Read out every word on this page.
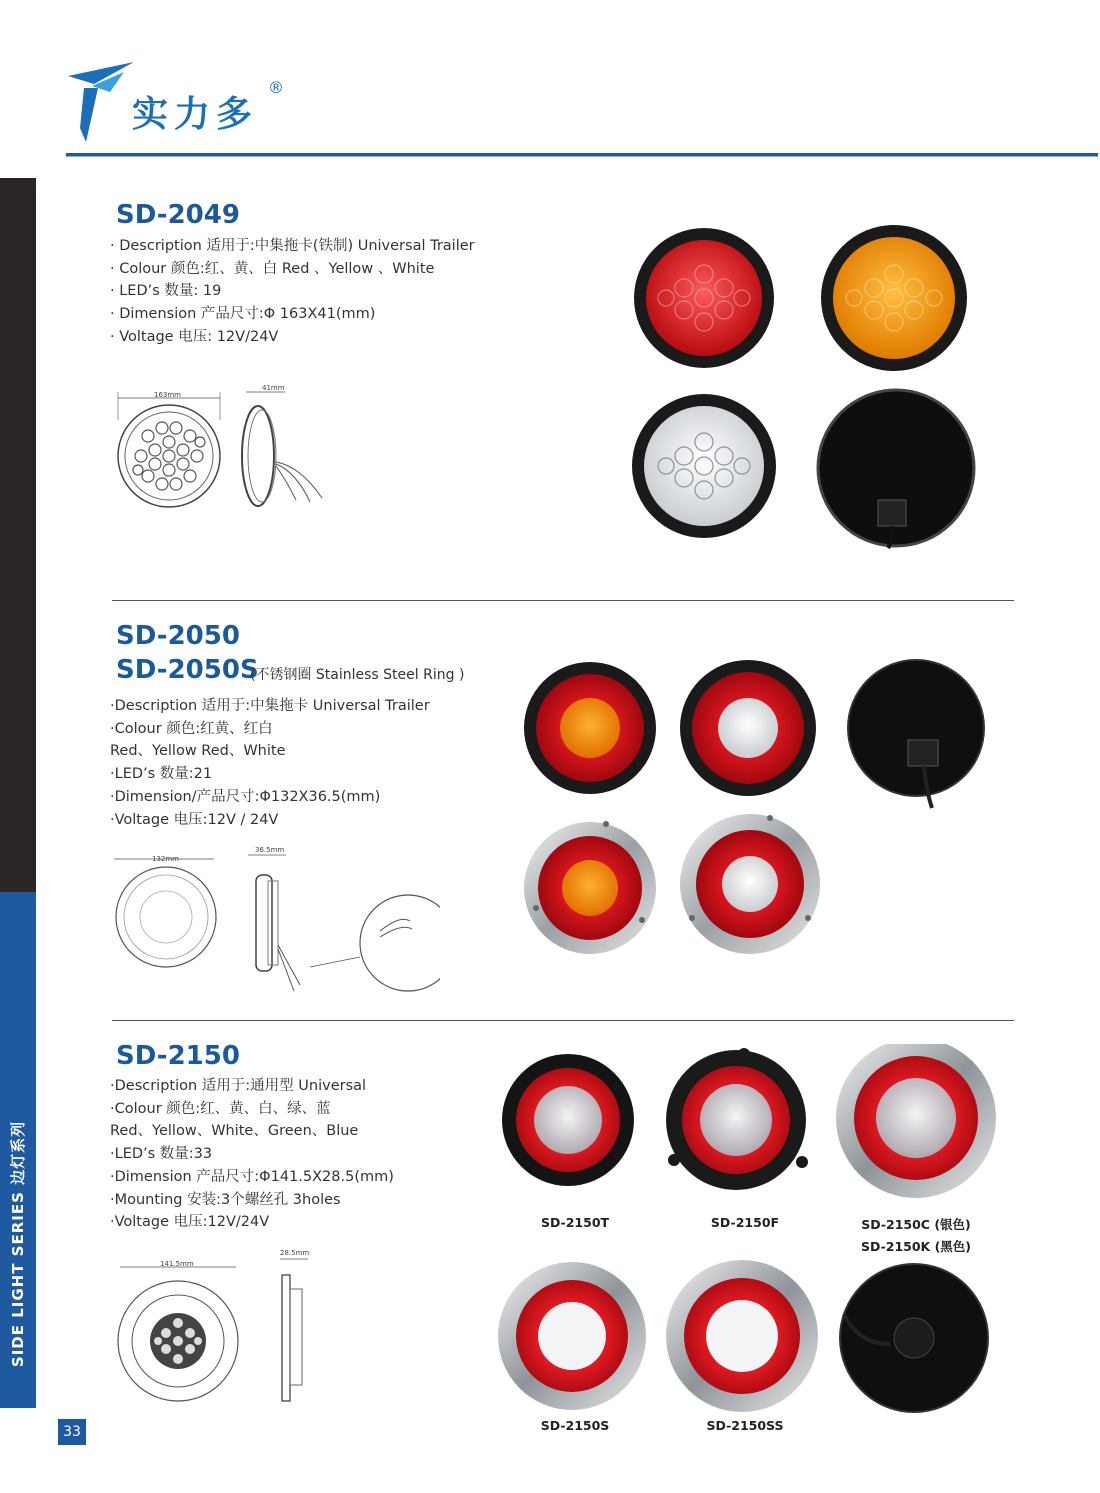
实力多
®
SIDE LIGHT SERIES 边灯系列
33
SD-2049
· Description 适用于:中集拖卡(铁制) Universal Trailer
· Colour 颜色:红、黄、白 Red 、Yellow 、White
· LED’s 数量: 19
· Dimension 产品尺寸:Φ 163X41(mm)
· Voltage 电压: 12V/24V
163mm
41mm
SD-2050
SD-2050S
(不锈钢圈 Stainless Steel Ring )
·Description 适用于:中集拖卡 Universal Trailer
·Colour 颜色:红黄、红白
Red、Yellow Red、White
·LED’s 数量:21
·Dimension/产品尺寸:Φ132X36.5(mm)
·Voltage 电压:12V / 24V
132mm
36.5mm
SD-2150
·Description 适用于:通用型 Universal
·Colour 颜色:红、黄、白、绿、蓝
Red、Yellow、White、Green、Blue
·LED’s 数量:33
·Dimension 产品尺寸:Φ141.5X28.5(mm)
·Mounting 安装:3个螺丝孔 3holes
·Voltage 电压:12V/24V
141.5mm
28.5mm
SD-2150T	SD-2150F	SD-2150C (银色)
SD-2150K (黑色)
SD-2150S	SD-2150SS
